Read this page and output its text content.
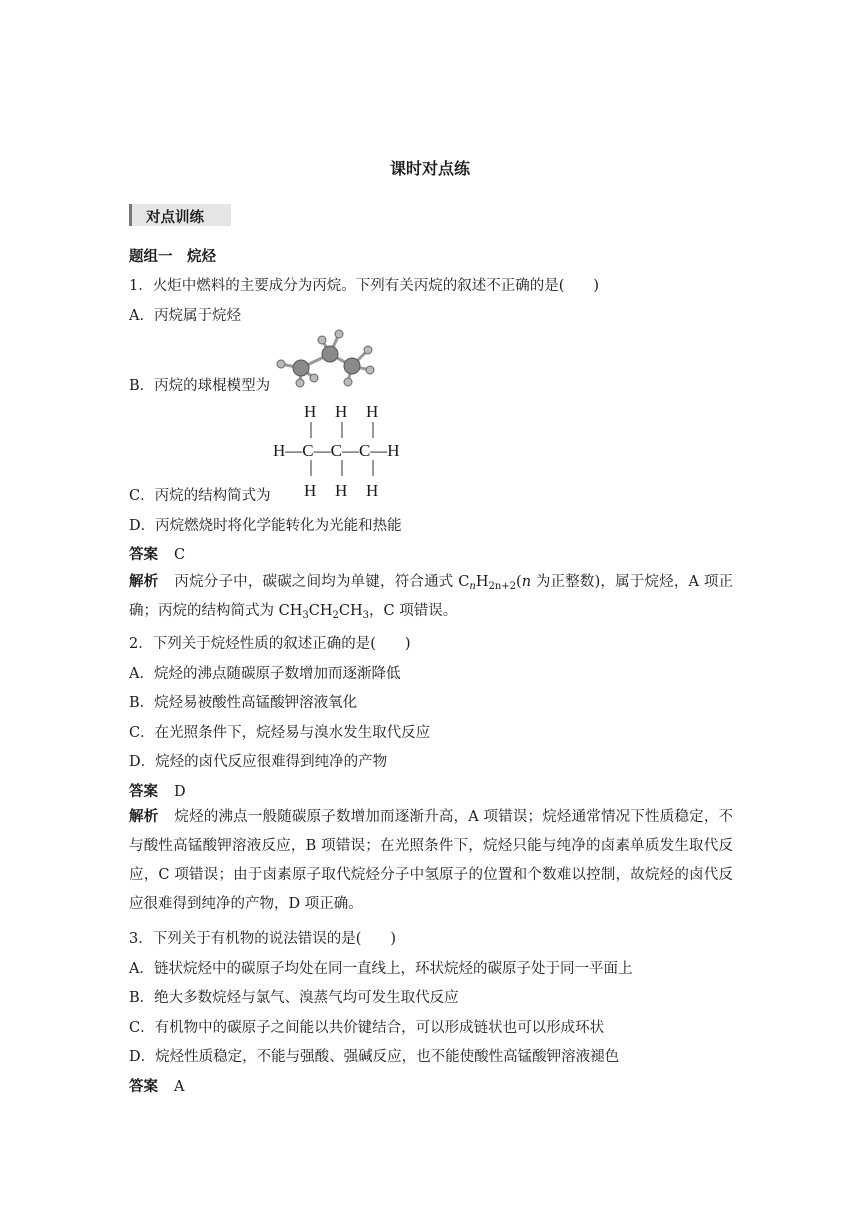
课时对点练
对点训练
题组一　烷烃
1．火炬中燃料的主要成分为丙烷。下列有关丙烷的叙述不正确的是(　　)
A．丙烷属于烷烃
B．丙烷的球棍模型为
H H H
H—C—C—C—H
H H H
C．丙烷的结构简式为
D．丙烷燃烧时将化学能转化为光能和热能
答案 C
解析 丙烷分子中，碳碳之间均为单键，符合通式 $C_nH_{2n+2}(n$ 为正整数)，属于烷烃，A 项正确；丙烷的结构简式为 $CH_3CH_2CH_3$，C 项错误。
2．下列关于烷烃性质的叙述正确的是(　　)
A．烷烃的沸点随碳原子数增加而逐渐降低
B．烷烃易被酸性高锰酸钾溶液氧化
C．在光照条件下，烷烃易与溴水发生取代反应
D．烷烃的卤代反应很难得到纯净的产物
答案 D
解析 烷烃的沸点一般随碳原子数增加而逐渐升高，A 项错误；烷烃通常情况下性质稳定，不与酸性高锰酸钾溶液反应，B 项错误；在光照条件下，烷烃只能与纯净的卤素单质发生取代反应，C 项错误；由于卤素原子取代烷烃分子中氢原子的位置和个数难以控制，故烷烃的卤代反应很难得到纯净的产物，D 项正确。
3．下列关于有机物的说法错误的是(　　)
A．链状烷烃中的碳原子均处在同一直线上，环状烷烃的碳原子处于同一平面上
B．绝大多数烷烃与氯气、溴蒸气均可发生取代反应
C．有机物中的碳原子之间能以共价键结合，可以形成链状也可以形成环状
D．烷烃性质稳定，不能与强酸、强碱反应，也不能使酸性高锰酸钾溶液褪色
答案 A
